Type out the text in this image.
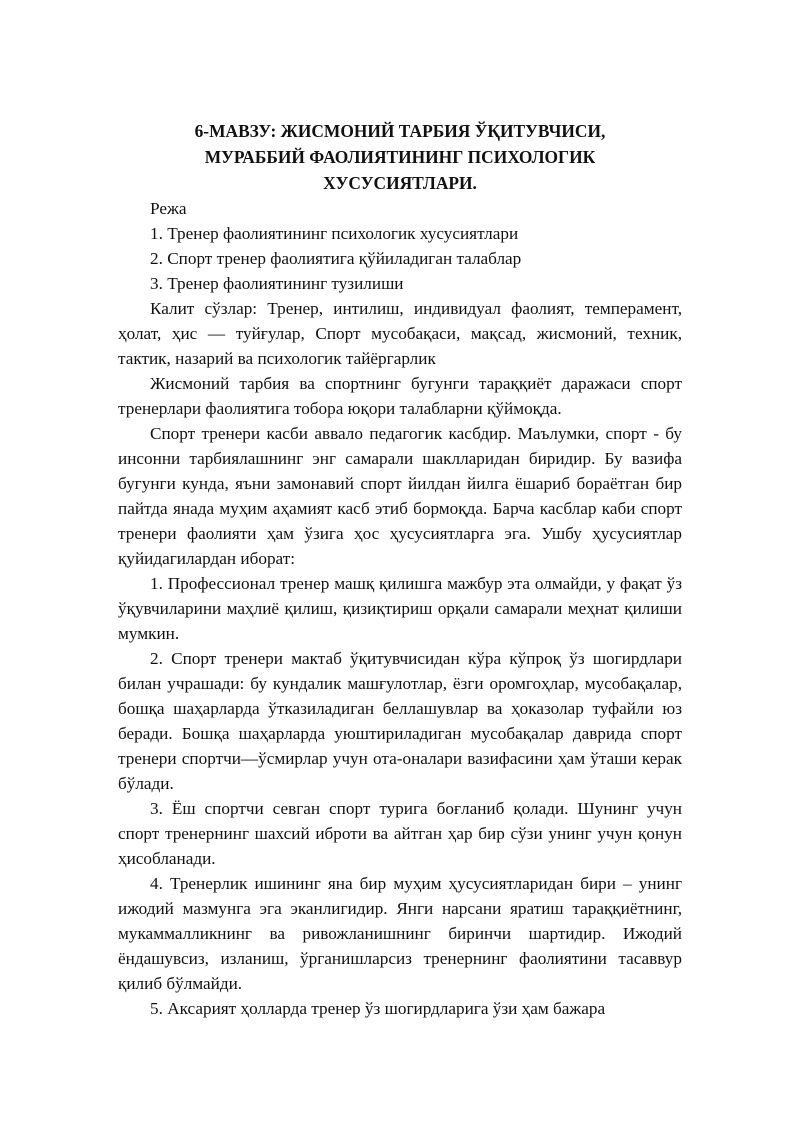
6-МАВЗУ: ЖИСМОНИЙ ТАРБИЯ ЎҚИТУВЧИСИ,
МУРАББИЙ ФАОЛИЯТИНИНГ ПСИХОЛОГИК
ХУСУСИЯТЛАРИ.

Режа

1. Тренер фаолиятининг психологик хусусиятлари

2. Спорт тренер фаолиятига қўйиладиган талаблар

3. Тренер фаолиятининг тузилиши

Калит сўзлар: Тренер, интилиш, индивидуал фаолият, темперамент, ҳолат, ҳис — туйғулар, Спорт мусобақаси, мақсад, жисмоний, техник, тактик, назарий ва психологик тайёргарлик

Жисмоний тарбия ва спортнинг бугунги тараққиёт даражаси спорт тренерлари фаолиятига тобора юқори талабларни қўймоқда.

Спорт тренери касби аввало педагогик касбдир. Маълумки, спорт - бу инсонни тарбиялашнинг энг самарали шаклларидан биридир. Бу вазифа бугунги кунда, яъни замонавий спорт йилдан йилга ёшариб бораётган бир пайтда янада муҳим аҳамият касб этиб бормоқда. Барча касблар каби спорт тренери фаолияти ҳам ўзига ҳос ҳусусиятларга эга. Ушбу ҳусусиятлар қуйидагилардан иборат:

1. Профессионал тренер машқ қилишга мажбур эта олмайди, у фақат ўз ўқувчиларини маҳлиё қилиш, қизиқтириш орқали самарали меҳнат қилиши мумкин.

2. Спорт тренери мактаб ўқитувчисидан кўра кўпроқ ўз шогирдлари билан учрашади: бу кундалик машғулотлар, ёзги оромгоҳлар, мусобақалар, бошқа шаҳарларда ўтказиладиган беллашувлар ва ҳоказолар туфайли юз беради. Бошқа шаҳарларда уюштириладиган мусобақалар даврида спорт тренери спортчи—ўсмирлар учун ота-оналари вазифасини ҳам ўташи керак бўлади.

3. Ёш спортчи севган спорт турига боғланиб қолади. Шунинг учун спорт тренернинг шахсий иброти ва айтган ҳар бир сўзи унинг учун қонун ҳисобланади.

4. Тренерлик ишининг яна бир муҳим ҳусусиятларидан бири – унинг ижодий мазмунга эга эканлигидир. Янги нарсани яратиш тараққиётнинг, мукаммалликнинг ва ривожланишнинг биринчи шартидир. Ижодий ёндашувсиз, изланиш, ўрганишларсиз тренернинг фаолиятини тасаввур қилиб бўлмайди.

5. Аксарият ҳолларда тренер ўз шогирдларига ўзи ҳам бажара
